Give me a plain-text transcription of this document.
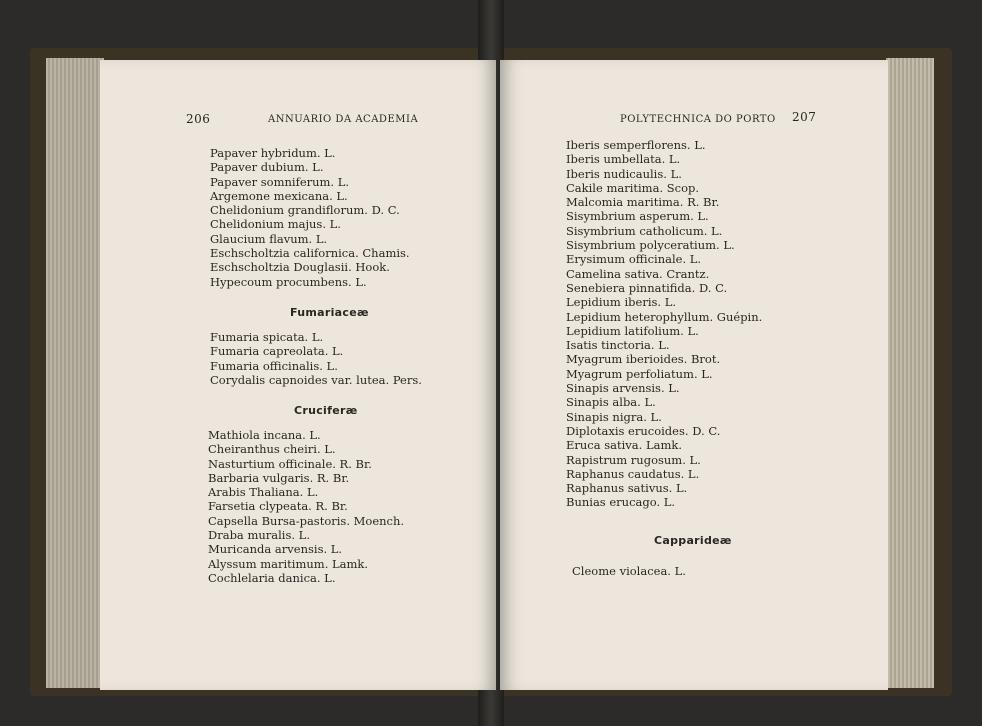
206	ANNUARIO DA ACADEMIA
Papaver hybridum. L.
Papaver dubium. L.
Papaver somniferum. L.
Argemone mexicana. L.
Chelidonium grandiflorum. D. C.
Chelidonium majus. L.
Glaucium flavum. L.
Eschscholtzia californica. Chamis.
Eschscholtzia Douglasii. Hook.
Hypecoum procumbens. L.
Fumariaceæ
Fumaria spicata. L.
Fumaria capreolata. L.
Fumaria officinalis. L.
Corydalis capnoides var. lutea. Pers.
Cruciferæ
Mathiola incana. L.
Cheiranthus cheiri. L.
Nasturtium officinale. R. Br.
Barbaria vulgaris. R. Br.
Arabis Thaliana. L.
Farsetia clypeata. R. Br.
Capsella Bursa-pastoris. Moench.
Draba muralis. L.
Muricanda arvensis. L.
Alyssum maritimum. Lamk.
Cochlelaria danica. L.
POLYTECHNICA DO PORTO 207
Iberis semperflorens. L.
Iberis umbellata. L.
Iberis nudicaulis. L.
Cakile maritima. Scop.
Malcomia maritima. R. Br.
Sisymbrium asperum. L.
Sisymbrium catholicum. L.
Sisymbrium polyceratium. L.
Erysimum officinale. L.
Camelina sativa. Crantz.
Senebiera pinnatifida. D. C.
Lepidium iberis. L.
Lepidium heterophyllum. Guépin.
Lepidium latifolium. L.
Isatis tinctoria. L.
Myagrum iberioides. Brot.
Myagrum perfoliatum. L.
Sinapis arvensis. L.
Sinapis alba. L.
Sinapis nigra. L.
Diplotaxis erucoides. D. C.
Eruca sativa. Lamk.
Rapistrum rugosum. L.
Raphanus caudatus. L.
Raphanus sativus. L.
Bunias erucago. L.
Capparideæ
Cleome violacea. L.
